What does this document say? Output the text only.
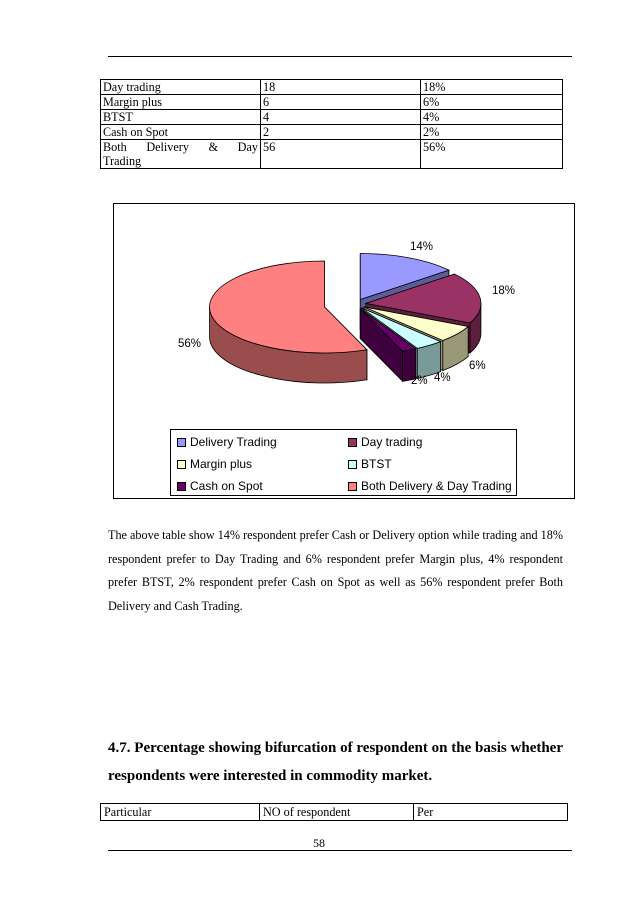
Day trading	18	18%
Margin plus	6	6%
BTST	4	4%
Cash on Spot	2	2%

Both Delivery & Day
Trading	56	56%
14%
18%
6%
4%
2%
56%
Delivery Trading	Day trading
Margin plus	BTST
Cash on Spot	Both Delivery & Day Trading
The above table show 14% respondent prefer Cash or Delivery option while trading and 18% respondent prefer to Day Trading and 6% respondent prefer Margin plus, 4% respondent prefer BTST, 2% respondent prefer Cash on Spot as well as 56% respondent prefer Both Delivery and Cash Trading.
4.7. Percentage showing bifurcation of respondent on the basis whether respondents were interested in commodity market.
Particular	NO of respondent	Per
58
